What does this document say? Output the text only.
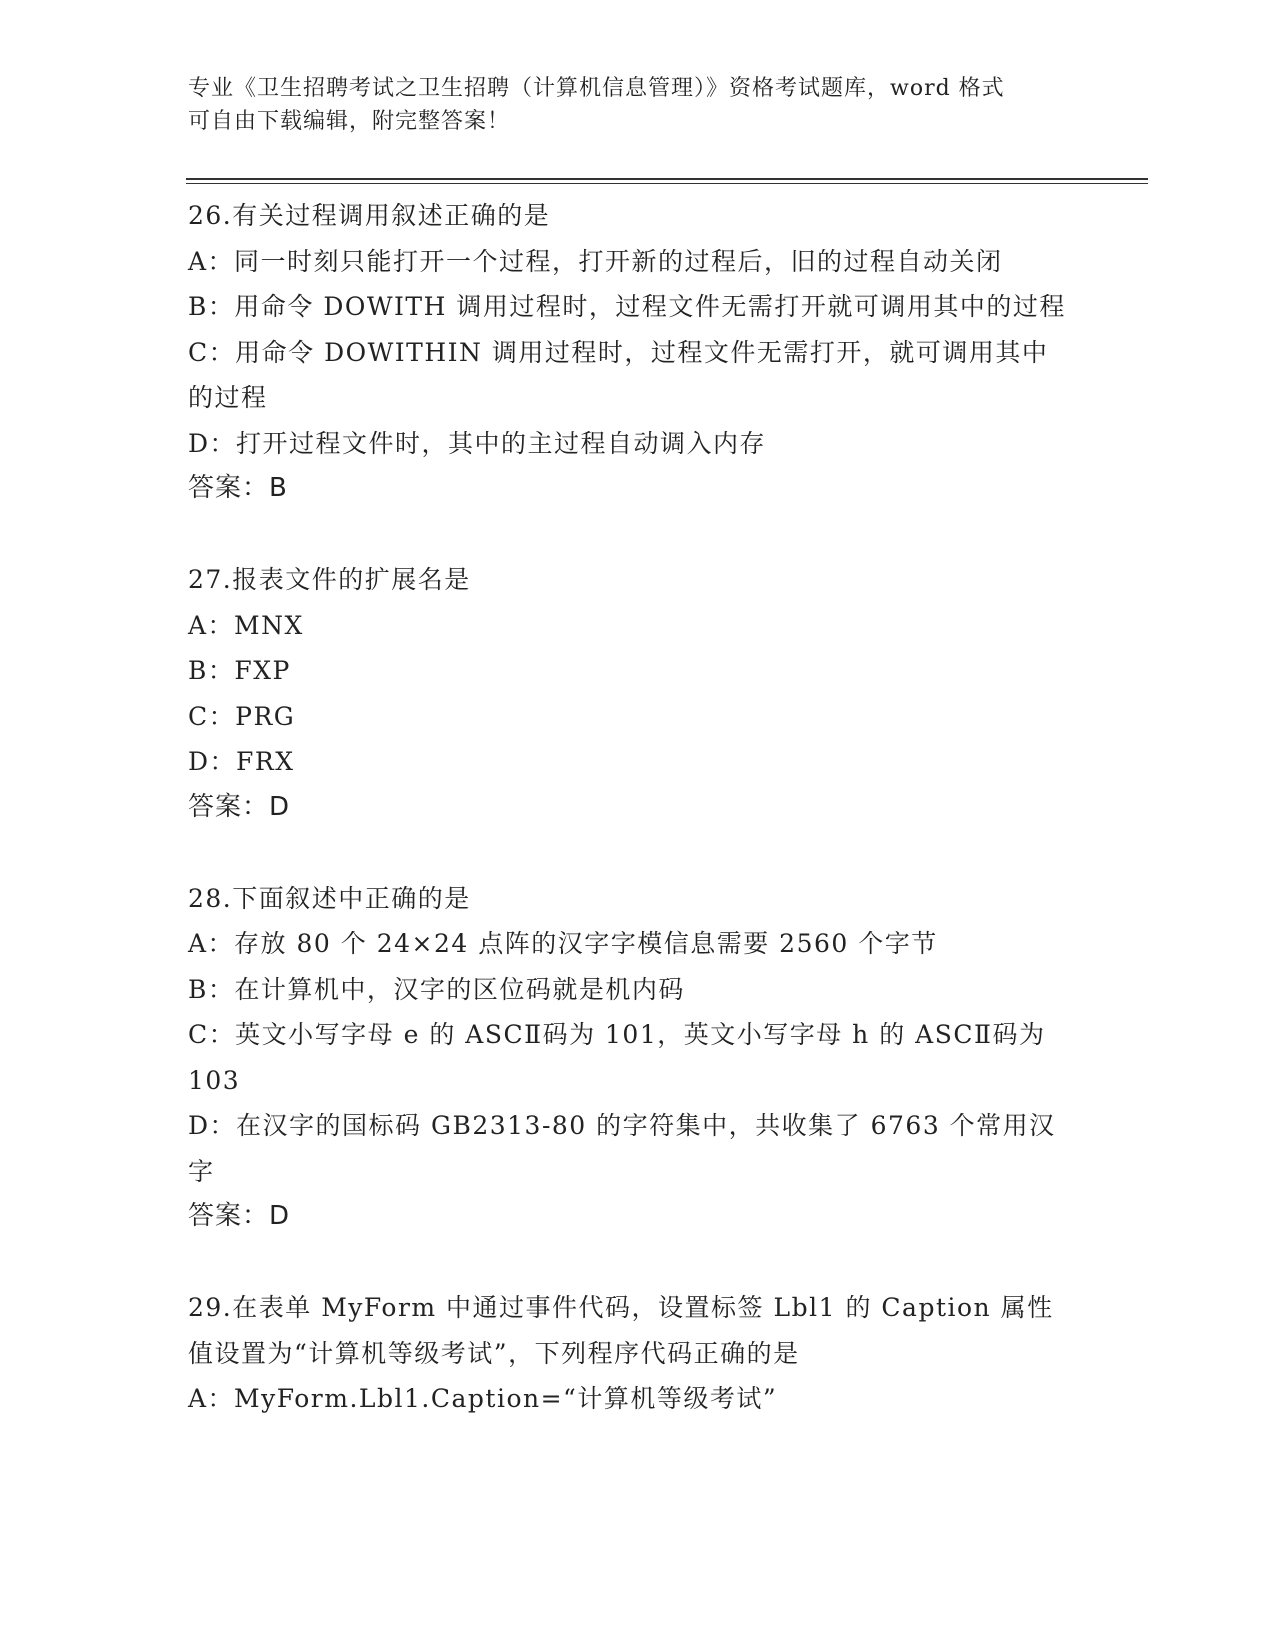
专业《卫生招聘考试之卫生招聘（计算机信息管理）》资格考试题库，word 格式
可自由下载编辑，附完整答案！
26.有关过程调用叙述正确的是
A：同一时刻只能打开一个过程，打开新的过程后，旧的过程自动关闭
B：用命令 DOWITH 调用过程时，过程文件无需打开就可调用其中的过程
C：用命令 DOWITHIN 调用过程时，过程文件无需打开，就可调用其中的过程
D：打开过程文件时，其中的主过程自动调入内存
答案：B
27.报表文件的扩展名是
A：MNX
B：FXP
C：PRG
D：FRX
答案：D
28.下面叙述中正确的是
A：存放 80 个 24×24 点阵的汉字字模信息需要 2560 个字节
B：在计算机中，汉字的区位码就是机内码
C：英文小写字母 e 的 ASCⅡ码为 101，英文小写字母 h 的 ASCⅡ码为 103
D：在汉字的国标码 GB2313-80 的字符集中，共收集了 6763 个常用汉字
答案：D
29.在表单 MyForm 中通过事件代码，设置标签 Lbl1 的 Caption 属性值设置为“计算机等级考试”，下列程序代码正确的是
A：MyForm.Lbl1.Caption=“计算机等级考试”
